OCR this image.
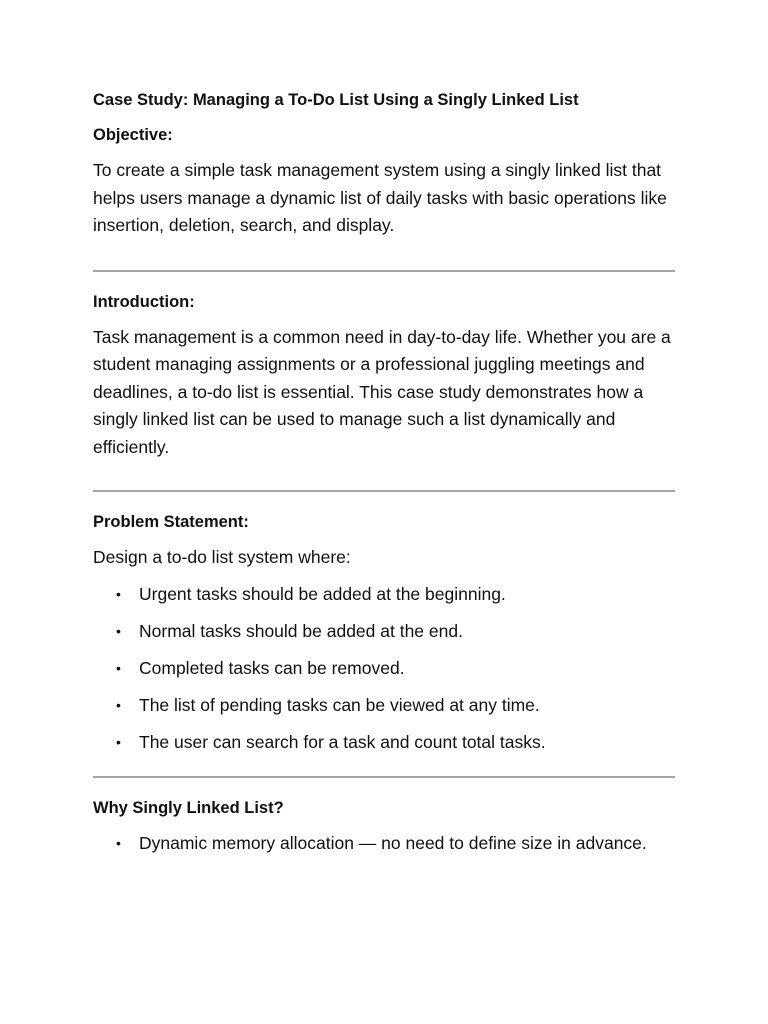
Case Study: Managing a To-Do List Using a Singly Linked List
Objective:

To create a simple task management system using a singly linked list that helps users manage a dynamic list of daily tasks with basic operations like insertion, deletion, search, and display.

Introduction:

Task management is a common need in day-to-day life. Whether you are a student managing assignments or a professional juggling meetings and deadlines, a to-do list is essential. This case study demonstrates how a singly linked list can be used to manage such a list dynamically and efficiently.

Problem Statement:

Design a to-do list system where:

• Urgent tasks should be added at the beginning.
• Normal tasks should be added at the end.
• Completed tasks can be removed.
• The list of pending tasks can be viewed at any time.
• The user can search for a task and count total tasks.
Why Singly Linked List?
• Dynamic memory allocation — no need to define size in advance.
